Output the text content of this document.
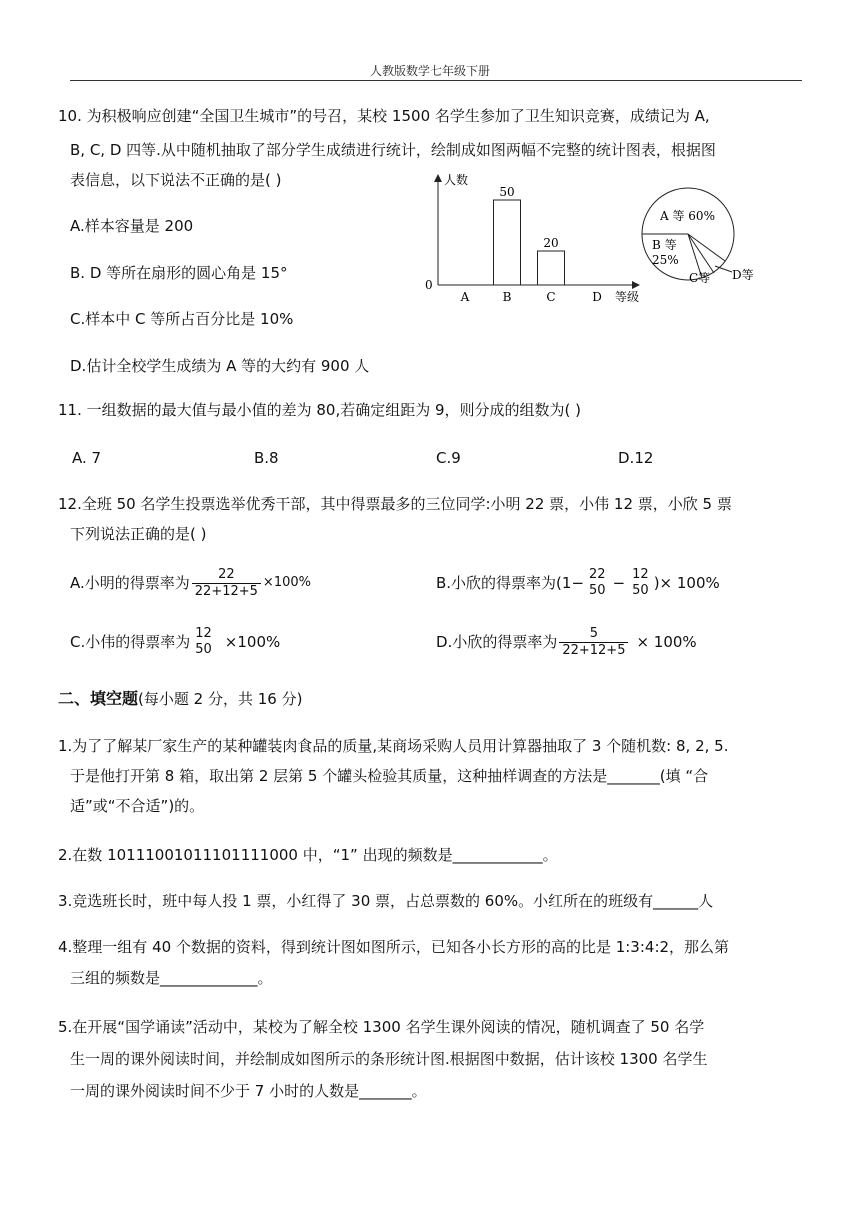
人教版数学七年级下册
10. 为积极响应创建“全国卫生城市”的号召，某校 1500 名学生参加了卫生知识竞赛，成绩记为 A,
B, C, D 四等.从中随机抽取了部分学生成绩进行统计，绘制成如图两幅不完整的统计图表，根据图
表信息，以下说法不正确的是( )
A.样本容量是 200
B. D 等所在扇形的圆心角是 15°
C.样本中 C 等所占百分比是 10%
D.估计全校学生成绩为 A 等的大约有 900 人
人数
等级
0
A	B
50
C
20
D
A 等 60%
B 等
25%
C等 D等
11. 一组数据的最大值与最小值的差为 80,若确定组距为 9，则分成的组数为( )
A. 7	B.8	C.9	D.12
12.全班 50 名学生投票选举优秀干部，其中得票最多的三位同学:小明 22 票，小伟 12 票，小欣 5 票
下列说法正确的是( )
A.小明的得票率为 $\frac{22}{22+12+5} \times 100\%$	B.小欣的得票率为(1− 22
50 − 12
50 )× 100%
C.小伟的得票率为 12
50 ×100%	D.小欣的得票率为 $\frac{5}{22+12+5} \times 100\%$
二、填空题(每小题 2 分，共 16 分)
1.为了了解某厂家生产的某种罐装肉食品的质量,某商场采购人员用计算器抽取了 3 个随机数: 8, 2, 5.
于是他打开第 8 箱，取出第 2 层第 5 个罐头检验其质量，这种抽样调查的方法是_______(填 “合
适”或“不合适”)的。
2.在数 10111001011101111000 中，“1” 出现的频数是____________。
3.竞选班长时，班中每人投 1 票，小红得了 30 票，占总票数的 60%。小红所在的班级有______人
4.整理一组有 40 个数据的资料，得到统计图如图所示，已知各小长方形的高的比是 1:3:4:2，那么第
三组的频数是_____________。
5.在开展“国学诵读”活动中，某校为了解全校 1300 名学生课外阅读的情况，随机调查了 50 名学
生一周的课外阅读时间，并绘制成如图所示的条形统计图.根据图中数据，估计该校 1300 名学生
一周的课外阅读时间不少于 7 小时的人数是_______。
